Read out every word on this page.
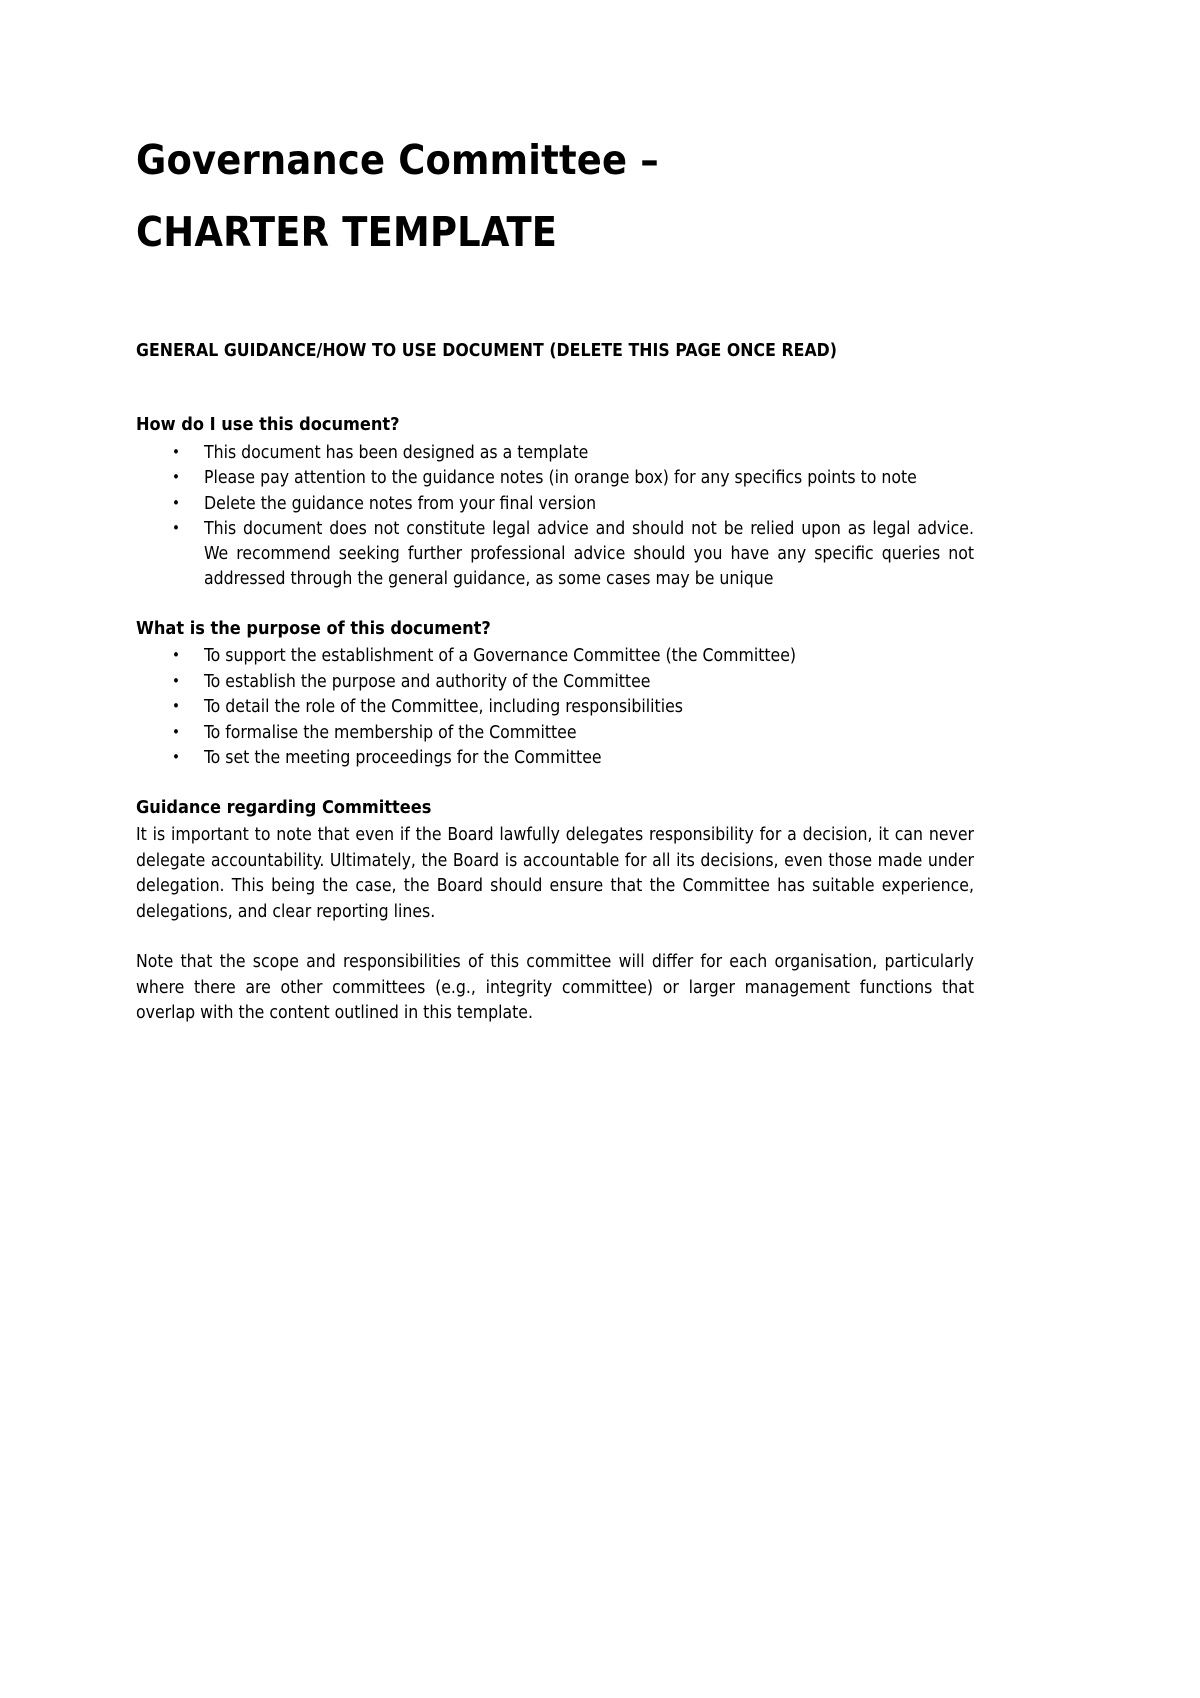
Governance Committee –
CHARTER TEMPLATE
GENERAL GUIDANCE/HOW TO USE DOCUMENT (DELETE THIS PAGE ONCE READ)
How do I use this document?
• This document has been designed as a template
• Please pay attention to the guidance notes (in orange box) for any specifics points to note
• Delete the guidance notes from your final version
• This document does not constitute legal advice and should not be relied upon as legal advice. We recommend seeking further professional advice should you have any specific queries not addressed through the general guidance, as some cases may be unique
What is the purpose of this document?
• To support the establishment of a Governance Committee (the Committee)
• To establish the purpose and authority of the Committee
• To detail the role of the Committee, including responsibilities
• To formalise the membership of the Committee
• To set the meeting proceedings for the Committee
Guidance regarding Committees

It is important to note that even if the Board lawfully delegates responsibility for a decision, it can never delegate accountability. Ultimately, the Board is accountable for all its decisions, even those made under delegation. This being the case, the Board should ensure that the Committee has suitable experience, delegations, and clear reporting lines.

Note that the scope and responsibilities of this committee will differ for each organisation, particularly where there are other committees (e.g., integrity committee) or larger management functions that overlap with the content outlined in this template.
